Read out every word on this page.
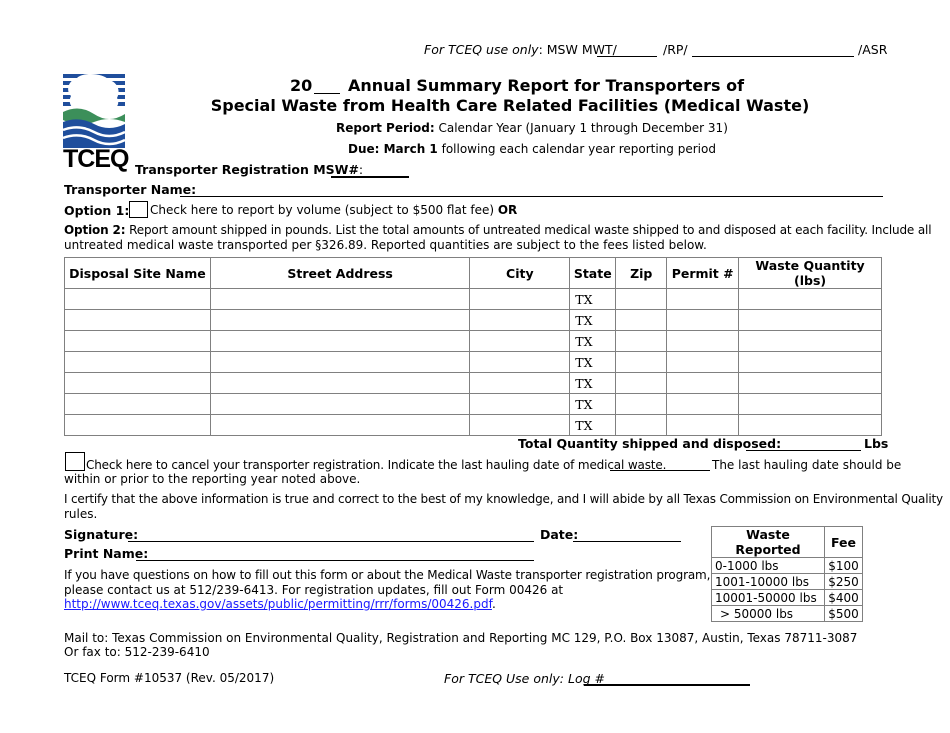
For TCEQ use only: MSW MWT/	/RP/	/ASR
TCEQ
20 Annual Summary Report for Transporters of
Special Waste from Health Care Related Facilities (Medical Waste)
Report Period: Calendar Year (January 1 through December 31)
Due: March 1 following each calendar year reporting period
Transporter Registration MSW#:
Transporter Name:
Option 1: Check here to report by volume (subject to $500 flat fee) OR
Option 2: Report amount shipped in pounds. List the total amounts of untreated medical waste shipped to and disposed at each facility. Include all
untreated medical waste transported per §326.89. Reported quantities are subject to the fees listed below.
Disposal Site Name	Street Address	City	State	Zip	Permit #	Waste Quantity (lbs)
			TX			
			TX			
			TX			
			TX			
			TX			
			TX			
			TX			
Total Quantity shipped and disposed:	Lbs
Check here to cancel your transporter registration. Indicate the last hauling date of medical waste.	The last hauling date should be
within or prior to the reporting year noted above.
I certify that the above information is true and correct to the best of my knowledge, and I will abide by all Texas Commission on Environmental Quality
rules.
Signature:	Date:
Print Name:
If you have questions on how to fill out this form or about the Medical Waste transporter registration program,
please contact us at 512/239-6413. For registration updates, fill out Form 00426 at
http://www.tceq.texas.gov/assets/public/permitting/rrr/forms/00426.pdf.
Waste Reported	Fee
0-1000 lbs	$100
1001-10000 lbs	$250
10001-50000 lbs	$400
> 50000 lbs	$500
Mail to: Texas Commission on Environmental Quality, Registration and Reporting MC 129, P.O. Box 13087, Austin, Texas 78711-3087
Or fax to: 512-239-6410
TCEQ Form #10537 (Rev. 05/2017)	For TCEQ Use only: Log #
